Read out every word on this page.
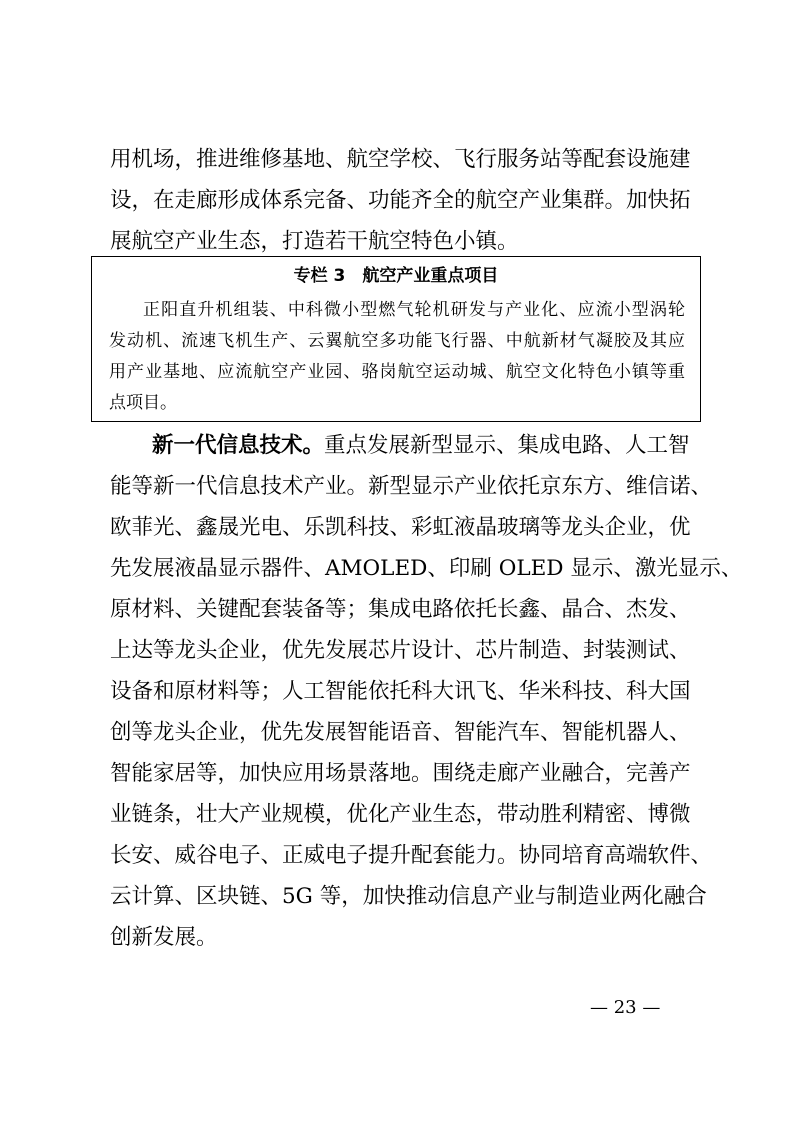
用机场，推进维修基地、航空学校、飞行服务站等配套设施建
设，在走廊形成体系完备、功能齐全的航空产业集群。加快拓
展航空产业生态，打造若干航空特色小镇。
专栏 3　航空产业重点项目
正阳直升机组装、中科微小型燃气轮机研发与产业化、应流小型涡轮
发动机、流速飞机生产、云翼航空多功能飞行器、中航新材气凝胶及其应
用产业基地、应流航空产业园、骆岗航空运动城、航空文化特色小镇等重
点项目。
新一代信息技术。重点发展新型显示、集成电路、人工智
能等新一代信息技术产业。新型显示产业依托京东方、维信诺、
欧菲光、鑫晟光电、乐凯科技、彩虹液晶玻璃等龙头企业，优
先发展液晶显示器件、AMOLED、印刷 OLED 显示、激光显示、
原材料、关键配套装备等；集成电路依托长鑫、晶合、杰发、
上达等龙头企业，优先发展芯片设计、芯片制造、封装测试、
设备和原材料等；人工智能依托科大讯飞、华米科技、科大国
创等龙头企业，优先发展智能语音、智能汽车、智能机器人、
智能家居等，加快应用场景落地。围绕走廊产业融合，完善产
业链条，壮大产业规模，优化产业生态，带动胜利精密、博微
长安、威谷电子、正威电子提升配套能力。协同培育高端软件、
云计算、区块链、5G 等，加快推动信息产业与制造业两化融合
创新发展。
— 23 —
